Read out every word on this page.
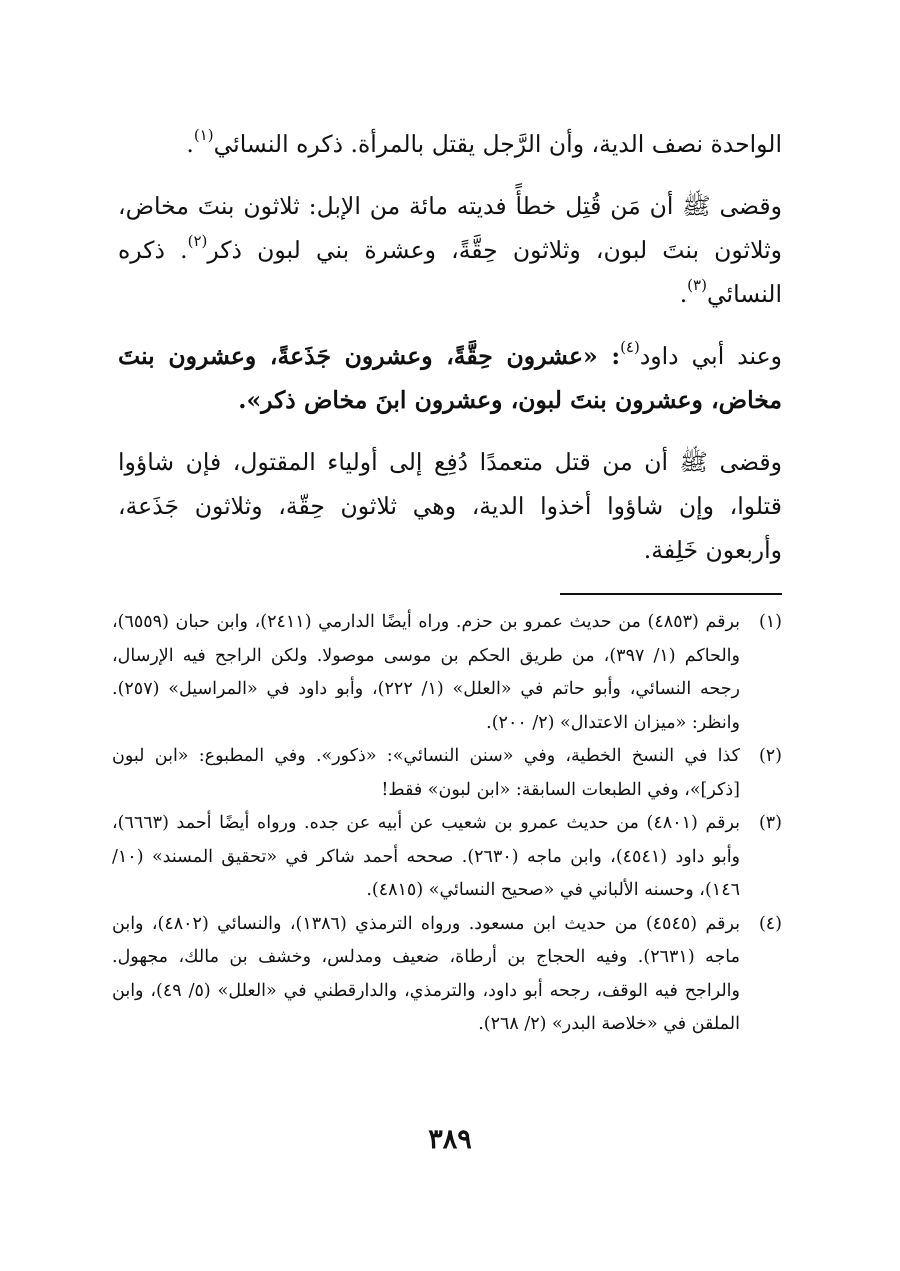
الواحدة نصف الدية، وأن الرَّجل يقتل بالمرأة. ذكره النسائي$^{(١)}$.

وقضى ﷺ أن مَن قُتِل خطأً فديته مائة من الإبل: ثلاثون بنتَ مخاض، وثلاثون بنتَ لبون، وثلاثون حِقَّةً، وعشرة بني لبون ذكر$^{(٢)}$. ذكره النسائي$^{(٣)}$.

وعند أبي داود$^{(٤)}$: «عشرون حِقَّةً، وعشرون جَذَعةً، وعشرون بنتَ مخاض، وعشرون بنتَ لبون، وعشرون ابنَ مخاض ذكر».

وقضى ﷺ أن من قتل متعمدًا دُفِع إلى أولياء المقتول، فإن شاؤوا قتلوا، وإن شاؤوا أخذوا الدية، وهي ثلاثون حِقّة، وثلاثون جَذَعة، وأربعون خَلِفة.

(١)
برقم (٤٨٥٣) من حديث عمرو بن حزم. وراه أيضًا الدارمي (٢٤١١)، وابن حبان (٦٥٥٩)، والحاكم (١/ ٣٩٧)، من طريق الحكم بن موسى موصولا. ولكن الراجح فيه الإرسال، رجحه النسائي، وأبو حاتم في «العلل» (١/ ٢٢٢)، وأبو داود في «المراسيل» (٢٥٧). وانظر: «ميزان الاعتدال» (٢/ ٢٠٠).
(٢)
كذا في النسخ الخطية، وفي «سنن النسائي»: «ذكور». وفي المطبوع: «ابن لبون [ذكر]»، وفي الطبعات السابقة: «ابن لبون» فقط!
(٣)
برقم (٤٨٠١) من حديث عمرو بن شعيب عن أبيه عن جده. ورواه أيضًا أحمد (٦٦٦٣)، وأبو داود (٤٥٤١)، وابن ماجه (٢٦٣٠). صححه أحمد شاكر في «تحقيق المسند» (١٠/ ١٤٦)، وحسنه الألباني في «صحيح النسائي» (٤٨١٥).
(٤)
برقم (٤٥٤٥) من حديث ابن مسعود. ورواه الترمذي (١٣٨٦)، والنسائي (٤٨٠٢)، وابن ماجه (٢٦٣١). وفيه الحجاج بن أرطاة، ضعيف ومدلس، وخشف بن مالك، مجهول. والراجح فيه الوقف، رجحه أبو داود، والترمذي، والدارقطني في «العلل» (٥/ ٤٩)، وابن الملقن في «خلاصة البدر» (٢/ ٢٦٨).
٣٨٩
